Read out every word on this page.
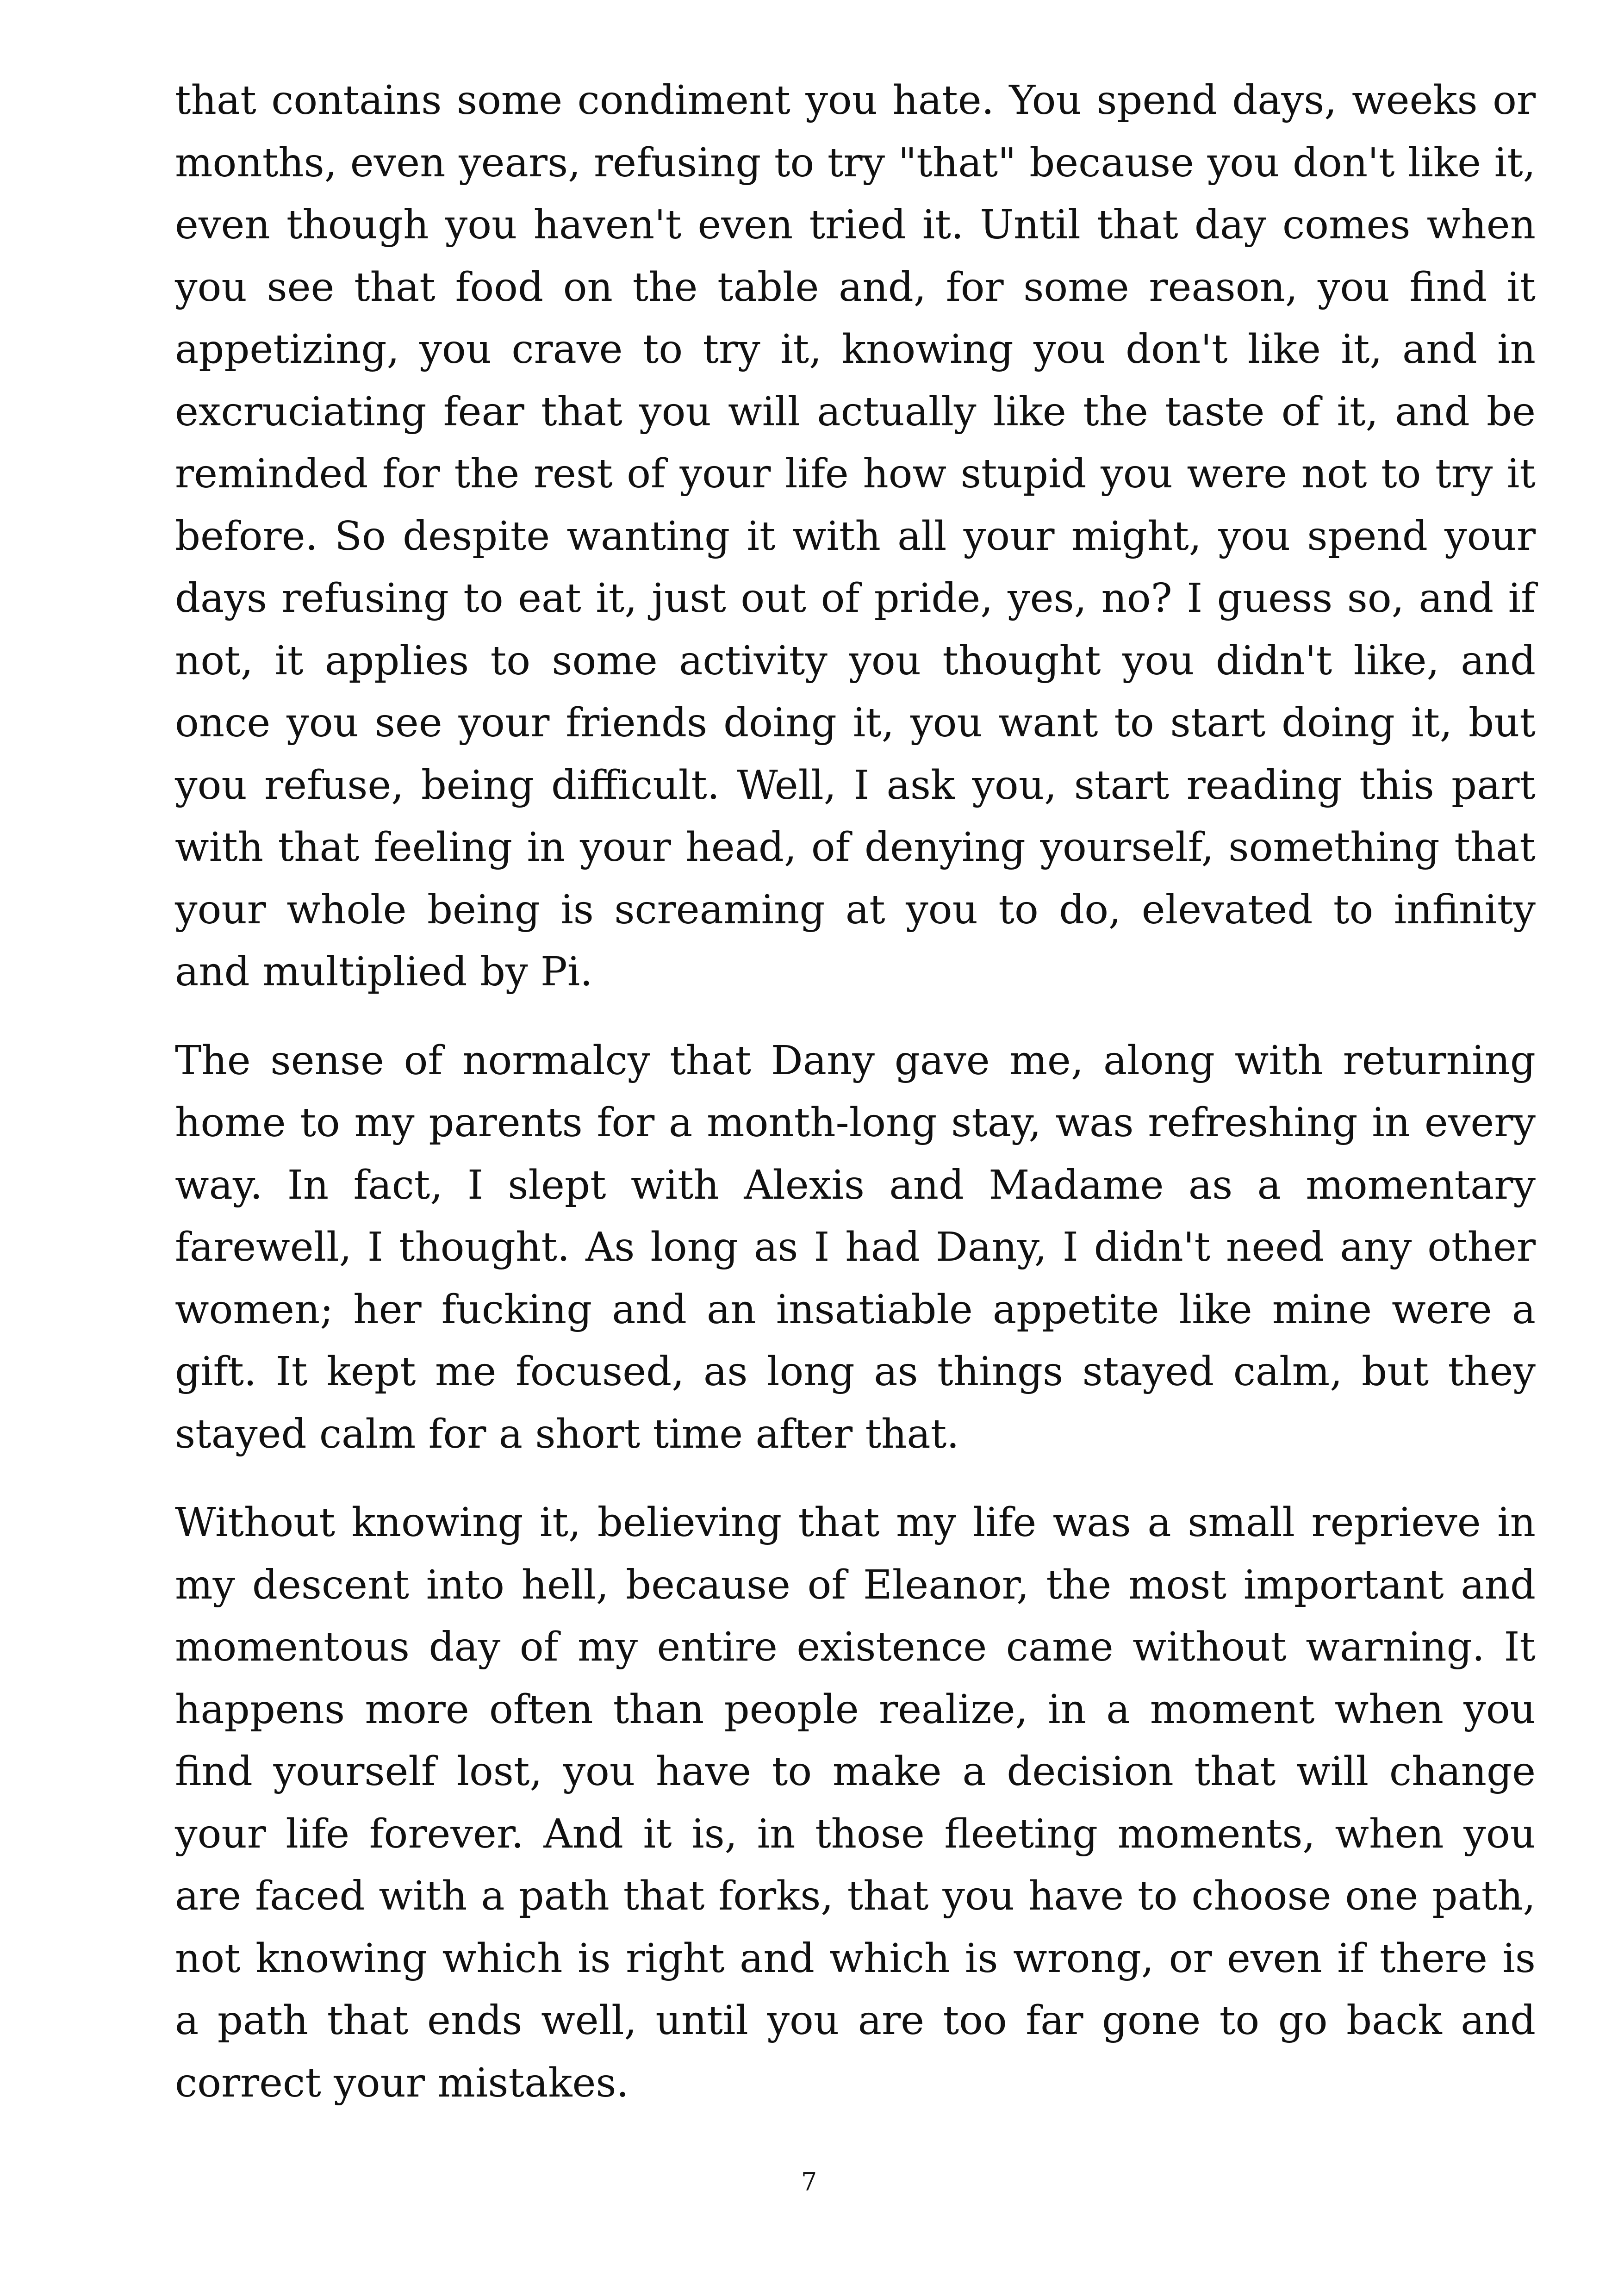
that contains some condiment you hate. You spend days, weeks or months, even years, refusing to try "that" because you don't like it, even though you haven't even tried it. Until that day comes when you see that food on the table and, for some reason, you find it appetizing, you crave to try it, knowing you don't like it, and in excruciating fear that you will actually like the taste of it, and be reminded for the rest of your life how stupid you were not to try it before. So despite wanting it with all your might, you spend your days refusing to eat it, just out of pride, yes, no? I guess so, and if not, it applies to some activity you thought you didn't like, and once you see your friends doing it, you want to start doing it, but you refuse, being difficult. Well, I ask you, start reading this part with that feeling in your head, of denying yourself, something that your whole being is screaming at you to do, elevated to infinity and multiplied by Pi.

The sense of normalcy that Dany gave me, along with returning home to my parents for a month-long stay, was refreshing in every way. In fact, I slept with Alexis and Madame as a momentary farewell, I thought. As long as I had Dany, I didn't need any other women; her fucking and an insatiable appetite like mine were a gift. It kept me focused, as long as things stayed calm, but they stayed calm for a short time after that.

Without knowing it, believing that my life was a small reprieve in my descent into hell, because of Eleanor, the most important and momentous day of my entire existence came without warning. It happens more often than people realize, in a moment when you find yourself lost, you have to make a decision that will change your life forever. And it is, in those fleeting moments, when you are faced with a path that forks, that you have to choose one path, not knowing which is right and which is wrong, or even if there is a path that ends well, until you are too far gone to go back and correct your mistakes.

7
